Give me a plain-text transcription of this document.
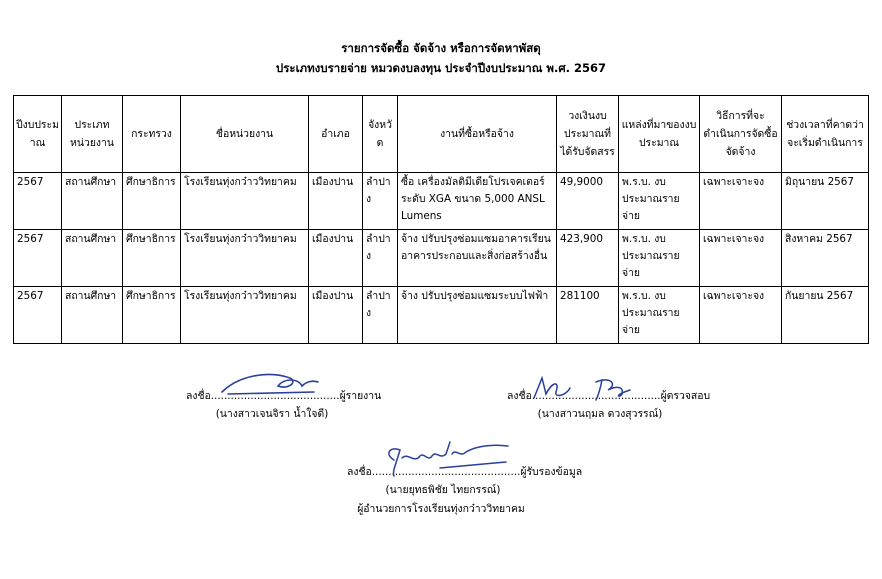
รายการจัดซื้อ จัดจ้าง หรือการจัดหาพัสดุ
ประเภทงบรายจ่าย หมวดงบลงทุน ประจำปีงบประมาณ พ.ศ. 2567
ปีงบประมาณ	ประเภทหน่วยงาน	กระทรวง	ชื่อหน่วยงาน	อำเภอ	จังหวัด	งานที่ซื้อหรือจ้าง	วงเงินงบประมาณที่ได้รับจัดสรร	แหล่งที่มาของงบประมาณ	วิธีการที่จะดำเนินการจัดซื้อจัดจ้าง	ช่วงเวลาที่คาดว่าจะเริ่มดำเนินการ
2567	สถานศึกษา	ศึกษาธิการ	โรงเรียนทุ่งกว๋าววิทยาคม	เมืองปาน	ลำปาง	ซื้อ เครื่องมัลติมีเดียโปรเจคเตอร์ ระดับ XGA ขนาด 5,000 ANSL Lumens	49,9000	พ.ร.บ. งบประมาณรายจ่าย	เฉพาะเจาะจง	มิถุนายน 2567
2567	สถานศึกษา	ศึกษาธิการ	โรงเรียนทุ่งกว๋าววิทยาคม	เมืองปาน	ลำปาง	จ้าง ปรับปรุงซ่อมแซมอาคารเรียน อาคารประกอบและสิ่งก่อสร้างอื่น	423,900	พ.ร.บ. งบประมาณรายจ่าย	เฉพาะเจาะจง	สิงหาคม 2567
2567	สถานศึกษา	ศึกษาธิการ	โรงเรียนทุ่งกว๋าววิทยาคม	เมืองปาน	ลำปาง	จ้าง ปรับปรุงซ่อมแซมระบบไฟฟ้า	281100	พ.ร.บ. งบประมาณรายจ่าย	เฉพาะเจาะจง	กันยายน 2567
ลงชื่อ.......................................ผู้รายงาน
(นางสาวเจนจิรา น้ำใจดี)
ลงชื่อ.......................................ผู้ตรวจสอบ
(นางสาวนฤมล ดวงสุวรรณ์)
ลงชื่อ.............................................ผู้รับรองข้อมูล
(นายยุทธพิชัย ไทยกรรณ์)
ผู้อำนวยการโรงเรียนทุ่งกว๋าววิทยาคม
